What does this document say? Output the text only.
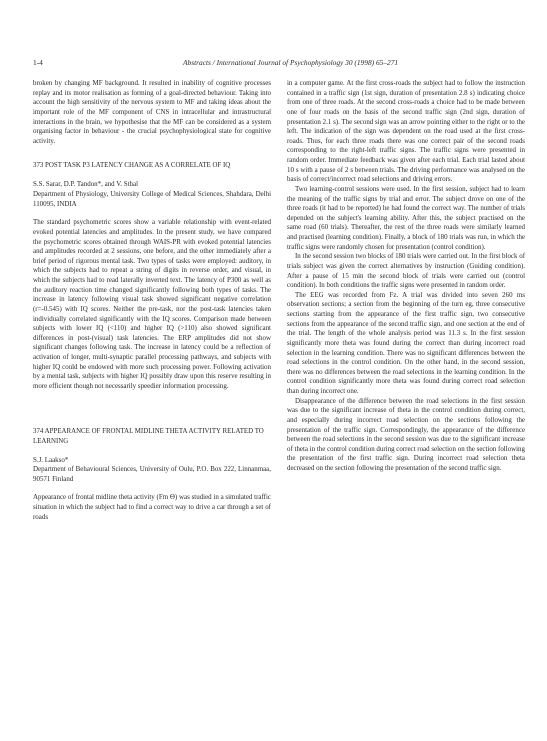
1-4	Abstracts / International Journal of Psychophysiology 30 (1998) 65–271

broken by changing MF background. It resulted in inability of cognitive processes replay and its motor realisation as forming of a goal-directed behaviour. Taking into account the high sensitivity of the nervous system to MF and taking ideas about the important role of the MF component of CNS in intracellular and intrastructural interactions in the brain, we hypothesise that the MF can be considered as a system organising factor in behaviour - the crucial psychophysiological state for cognitive activity.

373 POST TASK P3 LATENCY CHANGE AS A CORRELATE OF IQ

S.S. Sarar, D.P. Tandon*, and V. Sthal

Department of Physiology, University College of Medical Sciences, Shahdara, Delhi 110095, INDIA

The standard psychometric scores show a variable relationship with event-related evoked potential latencies and amplitudes. In the present study, we have compared the psychometric scores obtained through WAIS-PR with evoked potential latencies and amplitudes recorded at 2 sessions, one before, and the other immediately after a brief period of rigorous mental task. Two types of tasks were employed: auditory, in which the subjects had to repeat a string of digits in reverse order, and visual, in which the subjects had to read laterally inverted text. The latency of P300 as well as the auditory reaction time changed significantly following both types of tasks. The increase in latency following visual task showed significant negative correlation (r=-0.545) with IQ scores. Neither the pre-task, nor the post-task latencies taken individually correlated significantly with the IQ scores. Comparison made between subjects with lower IQ (<110) and higher IQ (>110) also showed significant differences in post-(visual) task latencies. The ERP amplitudes did not show significant changes following task. The increase in latency could be a reflection of activation of longer, multi-synaptic parallel processing pathways, and subjects with higher IQ could be endowed with more such processing power. Following activation by a mental task, subjects with higher IQ possibly draw upon this reserve resulting in more efficient though not necessarily speedier information processing.

374 APPEARANCE OF FRONTAL MIDLINE THETA ACTIVITY RELATED TO LEARNING

S.J. Laakso*

Department of Behavioural Sciences, University of Oulu, P.O. Box 222, Linnanmaa, 90571 Finland

Appearance of frontal midline theta activity (Fm Θ) was studied in a simulated traffic situation in which the subject had to find a correct way to drive a car through a set of roads

in a computer game. At the first cross-roads the subject had to follow the instruction contained in a traffic sign (1st sign, duration of presentation 2.8 s) indicating choice from one of three roads. At the second cross-roads a choice had to be made between one of four roads on the basis of the second traffic sign (2nd sign, duration of presentation 2.1 s). The second sign was an arrow pointing either to the right or to the left. The indication of the sign was dependent on the road used at the first cross-roads. Thus, for each three roads there was one correct pair of the second roads corresponding to the right-left traffic signs. The traffic signs were presented in random order. Immediate feedback was given after each trial. Each trial lasted about 10 s with a pause of 2 s between trials. The driving performance was analysed on the basis of correct/incorrect road selections and driving errors.

Two learning-control sessions were used. In the first session, subject had to learn the meaning of the traffic signs by trial and error. The subject drove on one of the three roads (it had to be reported) he had found the correct way. The number of trials depended on the subject's learning ability. After this, the subject practised on the same road (60 trials). Thereafter, the rest of the three roads were similarly learned and practised (learning condition). Finally, a block of 180 trials was run, in which the traffic signs were randomly chosen for presentation (control condition).

In the second session two blocks of 180 trials were carried out. In the first block of trials subject was given the correct alternatives by instruction (Guiding condition). After a pause of 15 min the second block of trials were carried out (control condition). In both conditions the traffic signs were presented in random order.

The EEG was recorded from Fz. A trial was divided into seven 260 ms observation sections; a section from the beginning of the turn eg, three consecutive sections starting from the appearance of the first traffic sign, two consecutive sections from the appearance of the second traffic sign, and one section at the end of the trial. The length of the whole analysis period was 11.3 s. In the first session significantly more theta was found during the correct than during incorrect road selection in the learning condition. There was no significant differences between the road selections in the control condition. On the other hand, in the second session, there was no differences between the road selections in the learning condition. In the control condition significantly more theta was found during correct road selection than during incorrect one.

Disappearance of the difference between the road selections in the first session was due to the significant increase of theta in the control condition during correct, and especially during incorrect road selection on the sections following the presentation of the traffic sign. Correspondingly, the appearance of the difference between the road selections in the second session was due to the significant increase of theta in the control condition during correct road selection on the section following the presentation of the first traffic sign. During incorrect road selection theta decreased on the section following the presentation of the second traffic sign.
